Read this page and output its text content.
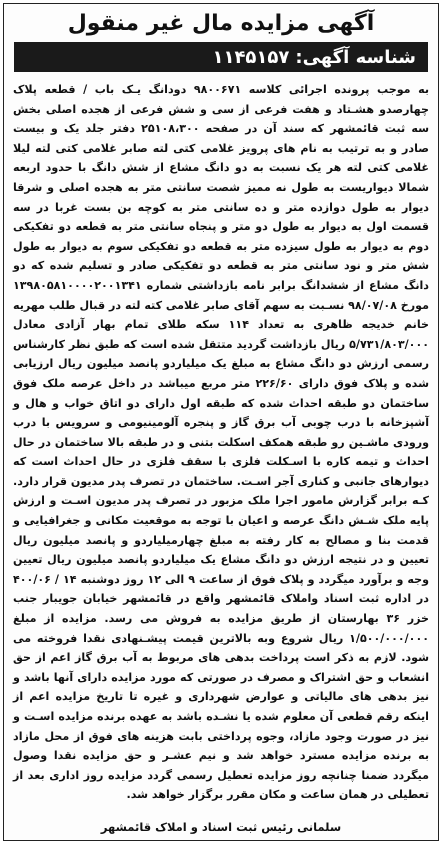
آگهی مزایده مال غیر منقول
شناسه آگهی:
۱۱۴۵۱۵۷

به موجب پرونده اجرائی کلاسه ۹۸۰۰۶۷۱ دودانگ یـک باب / قطعه پلاک چهارصدو هشـتاد و هفت فرعی از سی و شش فرعی از هجده اصلی بخش سه ثبت قائمشهر که سند آن در صفحه ۲۵۱۰۸،۳۰۰ دفتر جلد یک و بیست صادر و به ترتیب به نام های پرویز غلامی کتی لته صابر غلامی کتی لته لیلا غلامی کتی لته هر یک نسبت به دو دانگ مشاع از شش دانگ با حدود اربعه شمالا دیواریست به طول نه ممیز شصت سانتی متر به هجده اصلی و شرقا دیوار به طول دوازده متر و ده سانتی متر به کوچه بن بست غربا در سه قسمت اول به دیوار به طول دو متر و پنجاه سانتی متر به قطعه دو تفکیکی دوم به دیوار به طول سیزده متر به قطعه دو تفکیکی سوم به دیوار به طول شش متر و نود سانتی متر به قطعه دو تفکیکی صادر و تسلیم شده که دو دانگ مشاع از ششدانگ برابر نامه بازداشتی شماره ۱۳۹۸۰۵۸۱۰۰۰۰۲۰۰۱۳۴۱ مورخ ۹۸/۰۷/۰۸ نسـبت به سهم آقای صابر غلامی کته لته در قبال طلب مهریه خانم خدیجه ظاهری به تعداد ۱۱۴ سکه طلای تمام بهار آزادی معادل ۵/۷۳۱/۸۰۳/۰۰۰ ریال بازداشت گردید متتقل شده است که طبق نظر کارشناس رسمی ارزش دو دانگ مشاع به مبلغ یک میلیاردو پانصد میلیون ریال ارزیابی شده و پلاک فوق دارای ۲۲۶/۶۰ متر مربع میباشد در داخل عرصه ملک فوق ساختمان دو طبقه احداث شده که طبقه اول دارای دو اتاق خواب و هال و آشپزخانه با درب چوبی آب برق گاز و پنجره آلومینیومی و سرویس با درب ورودی ماشـین رو طبقه همکف اسکلت بتنی و در طبقه بالا ساختمان در حال احداث و تیمه کاره با اسـکلت فلزی با سقف فلزی در حال احداث است که دیوارهای جانبی و کناری آجر اسـت. ساختمان در تصرف پدر مدیون قرار دارد. کـه برابر گزارش مامور اجرا ملک مزبور در تصرف پدر مدیون اسـت و ارزش پایه ملک شـش دانگ عرصه و اعیان با توجه به موقعیت مکانی و جغرافیایی و قدمت بنا و مصالح به کار رفته به مبلغ چهارمیلیاردو و پانصد میلیون ریال تعیین و در نتیجه ارزش دو دانگ مشاع یک میلیاردو پانصد میلیون ریال تعیین وجه و برآورد میگردد و پلاک فوق از ساعت ۹ الی ۱۲ روز دوشنبه ۱۴ / ۴۰۰/۰۶ در اداره ثبت اسناد واملاک قائمشهر واقع در قائمشهر خیابان جویبار جنب خزر ۳۶ بهارستان از طریق مزایده به فروش می رسد. مزایده از مبلغ ۱/۵۰۰/۰۰۰/۰۰۰ ریال شروع وبه بالاترین قیمت پیشـنهادی نقدا فروخته می شود. لازم به ذکر است پرداخت بدهی های مربوط به آب برق گاز اعم از حق انشعاب و حق اشتراک و مصرف در صورتی که مورد مزایده دارای آنها باشد و نیز بدهی های مالیاتی و عوارض شهرداری و غیره تا تاریخ مزایده اعم از اینکه رقم قطعی آن معلوم شده یا نشـده باشد به عهده برنده مزایده اسـت و نیز در صورت وجود مازاد، وجوه پرداختی بابت هزینه های فوق از محل مازاد به برنده مزایده مسترد خواهد شد و نیم عشـر و حق مزایده نقدا وصول میگردد ضمنا چنانچه روز مزایده تعطیل رسمی گردد مزایده روز اداری بعد از تعطیلی در همان ساعت و مکان مقرر برگزار خواهد شد.

سلمانی رئیس ثبت اسناد و املاک قائمشهر
